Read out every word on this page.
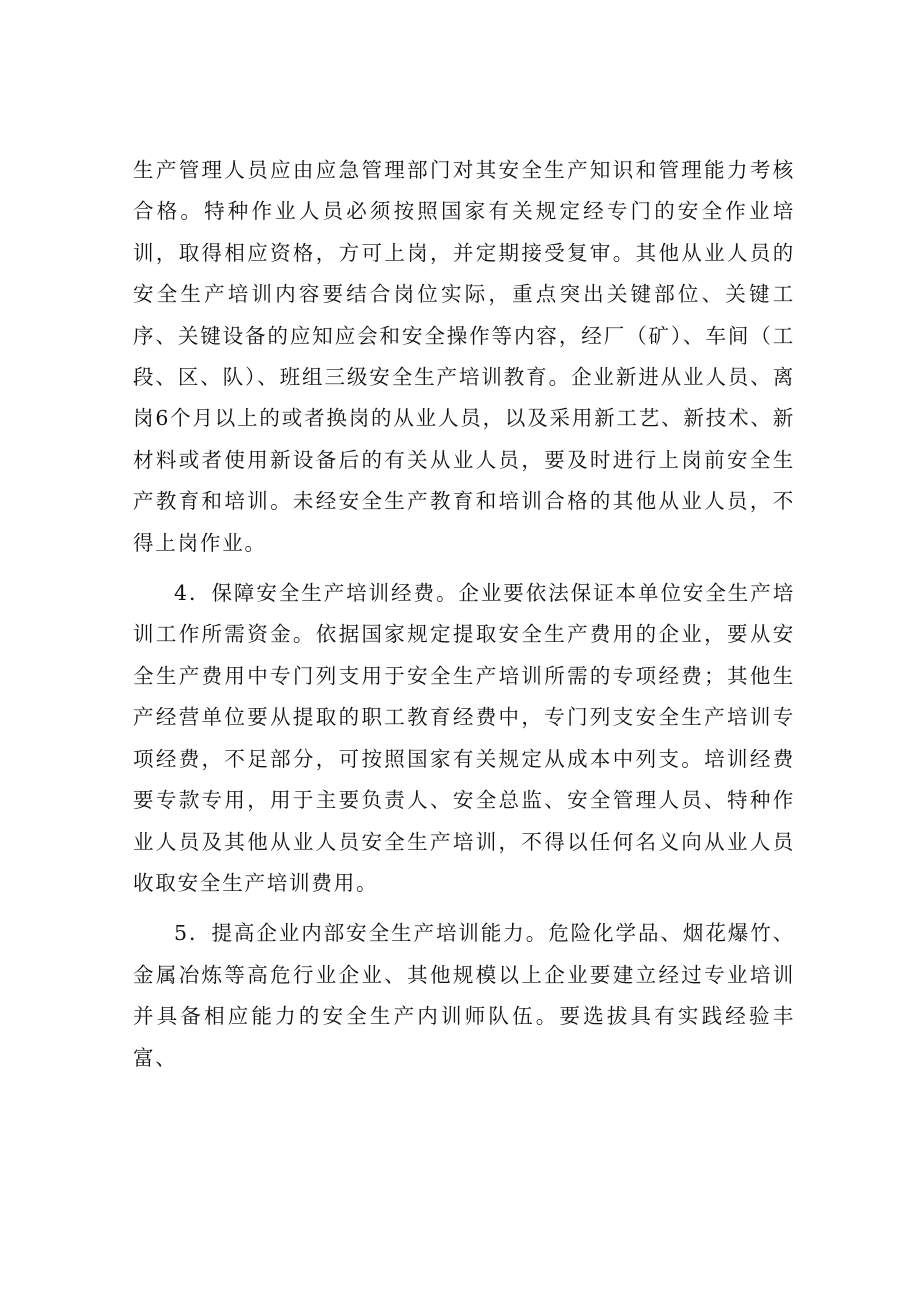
生产管理人员应由应急管理部门对其安全生产知识和管理能力考核合格。特种作业人员必须按照国家有关规定经专门的安全作业培训，取得相应资格，方可上岗，并定期接受复审。其他从业人员的安全生产培训内容要结合岗位实际，重点突出关键部位、关键工序、关键设备的应知应会和安全操作等内容，经厂（矿）、车间（工段、区、队）、班组三级安全生产培训教育。企业新进从业人员、离岗6个月以上的或者换岗的从业人员，以及采用新工艺、新技术、新材料或者使用新设备后的有关从业人员，要及时进行上岗前安全生产教育和培训。未经安全生产教育和培训合格的其他从业人员，不得上岗作业。

4．保障安全生产培训经费。企业要依法保证本单位安全生产培训工作所需资金。依据国家规定提取安全生产费用的企业，要从安全生产费用中专门列支用于安全生产培训所需的专项经费；其他生产经营单位要从提取的职工教育经费中，专门列支安全生产培训专项经费，不足部分，可按照国家有关规定从成本中列支。培训经费要专款专用，用于主要负责人、安全总监、安全管理人员、特种作业人员及其他从业人员安全生产培训，不得以任何名义向从业人员收取安全生产培训费用。

5．提高企业内部安全生产培训能力。危险化学品、烟花爆竹、金属冶炼等高危行业企业、其他规模以上企业要建立经过专业培训并具备相应能力的安全生产内训师队伍。要选拔具有实践经验丰富、
